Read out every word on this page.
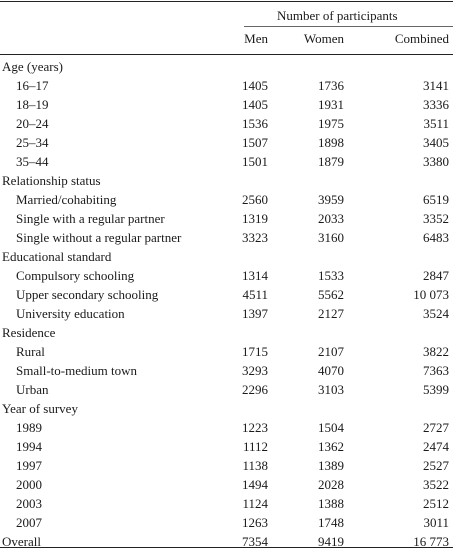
Number of participants
Men	Women	Combined
Age (years)
16–17	1405	1736	3141
18–19	1405	1931	3336
20–24	1536	1975	3511
25–34	1507	1898	3405
35–44	1501	1879	3380
Relationship status
Married/cohabiting	2560	3959	6519
Single with a regular partner	1319	2033	3352
Single without a regular partner	3323	3160	6483
Educational standard
Compulsory schooling	1314	1533	2847
Upper secondary schooling	4511	5562	10 073
University education	1397	2127	3524
Residence
Rural	1715	2107	3822
Small-to-medium town	3293	4070	7363
Urban	2296	3103	5399
Year of survey
1989	1223	1504	2727
1994	1112	1362	2474
1997	1138	1389	2527
2000	1494	2028	3522
2003	1124	1388	2512
2007	1263	1748	3011
Overall	7354	9419	16 773
